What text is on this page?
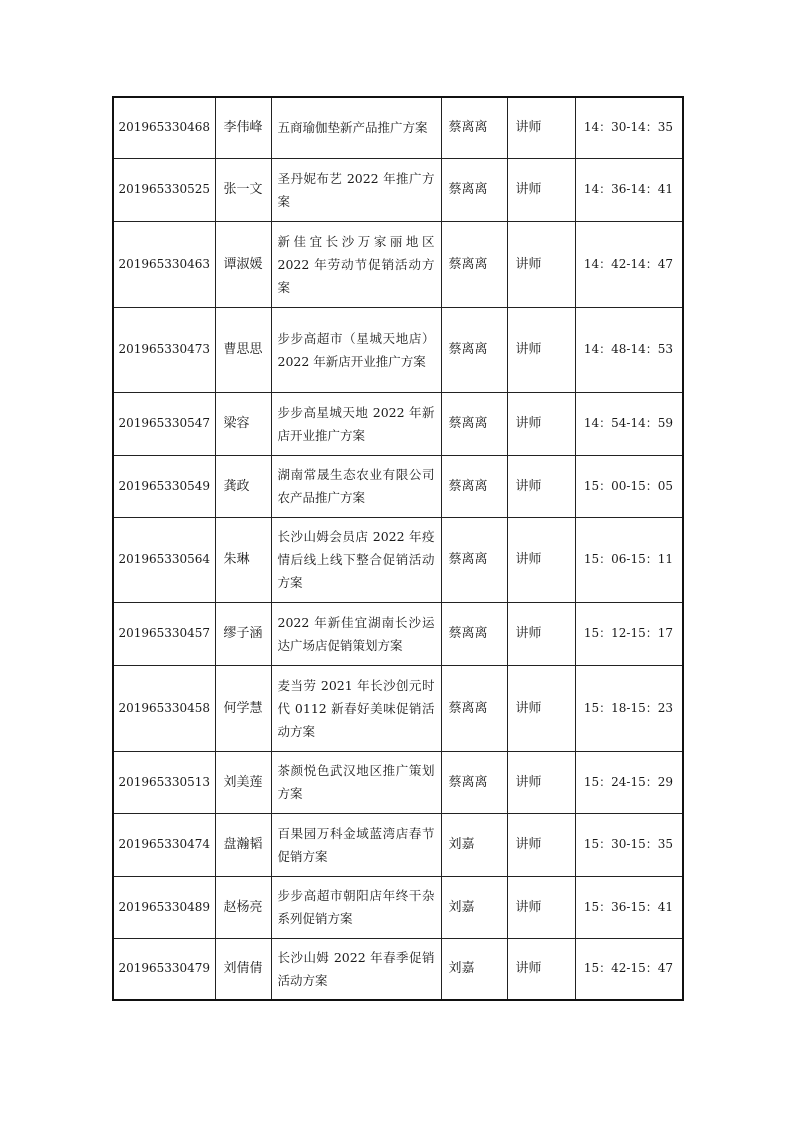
201965330468	李伟峰	五商瑜伽垫新产品推广方案	蔡离离	讲师	14：30-14：35
201965330525	张一文	圣丹妮布艺 2022 年推广方案	蔡离离	讲师	14：36-14：41
201965330463	谭淑媛	新佳宜长沙万家丽地区 2022 年劳动节促销活动方案	蔡离离	讲师	14：42-14：47
201965330473	曹思思	步步高超市（星城天地店）2022 年新店开业推广方案	蔡离离	讲师	14：48-14：53
201965330547	梁容	步步高星城天地 2022 年新店开业推广方案	蔡离离	讲师	14：54-14：59
201965330549	龚政	湖南常晟生态农业有限公司农产品推广方案	蔡离离	讲师	15：00-15：05
201965330564	朱琳	长沙山姆会员店 2022 年疫情后线上线下整合促销活动方案	蔡离离	讲师	15：06-15：11
201965330457	缪子涵	2022 年新佳宜湖南长沙运达广场店促销策划方案	蔡离离	讲师	15：12-15：17
201965330458	何学慧	麦当劳 2021 年长沙创元时代 0112 新春好美味促销活动方案	蔡离离	讲师	15：18-15：23
201965330513	刘美莲	茶颜悦色武汉地区推广策划方案	蔡离离	讲师	15：24-15：29
201965330474	盘瀚韬	百果园万科金域蓝湾店春节促销方案	刘嘉	讲师	15：30-15：35
201965330489	赵杨亮	步步高超市朝阳店年终干杂系列促销方案	刘嘉	讲师	15：36-15：41
201965330479	刘倩倩	长沙山姆 2022 年春季促销活动方案	刘嘉	讲师	15：42-15：47
